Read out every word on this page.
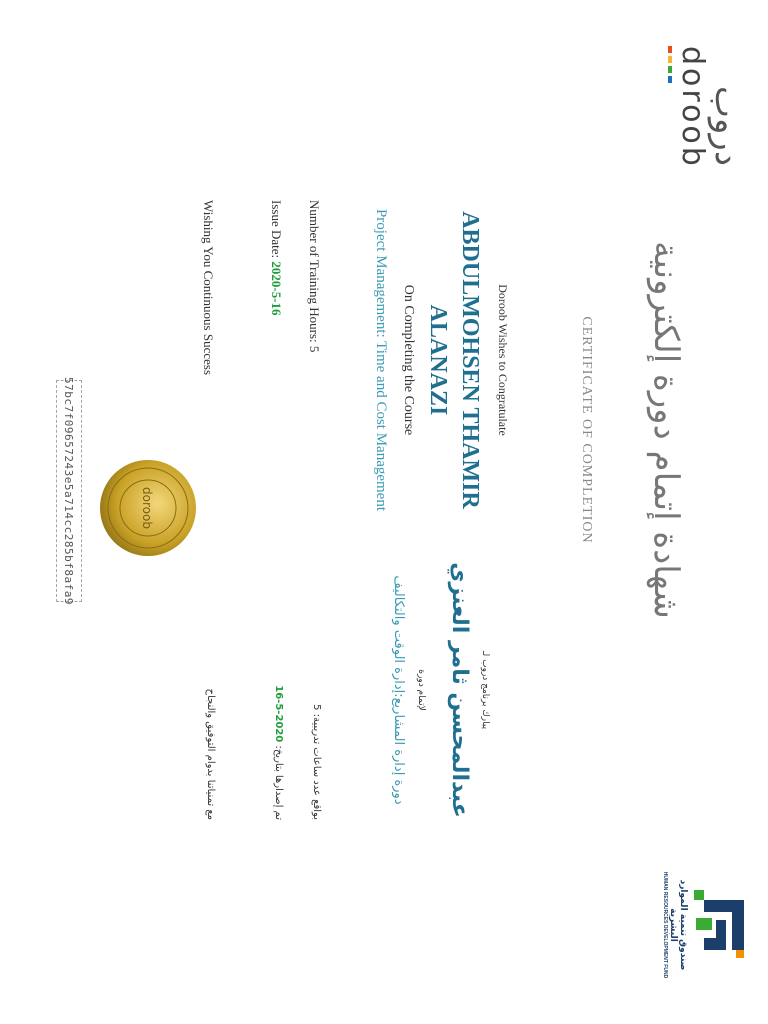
دروب
doroob
شهادة إتمام دورة إلكترونية
CERTIFICATE OF COMPLETION
صندوق تنمية الموارد البشرية
HUMAN RESOURCES DEVELOPMENT FUND
Doroob Wishes to Congratulate
ABDULMOHSEN THAMIR ALANAZI
On Completing the Course
Project Management: Time and Cost Management
Number of Training Hours: 5
Issue Date: 2020-5-16
Wishing You Continuous Success
يبارك برنامج دروب لـ
عبدالمحسن ثامر العنزي
لإتمام دورة
دورة إدارة المشاريع:إدارة الوقت والتكاليف
بواقع عدد ساعات تدريبية: 5
تم إصدارها بتاريخ: 2020-5-16
مع تمنياتنا بدوام التوفيق والنجاح
doroob
57bc7f09657243e5a714cc285bf8afa9
